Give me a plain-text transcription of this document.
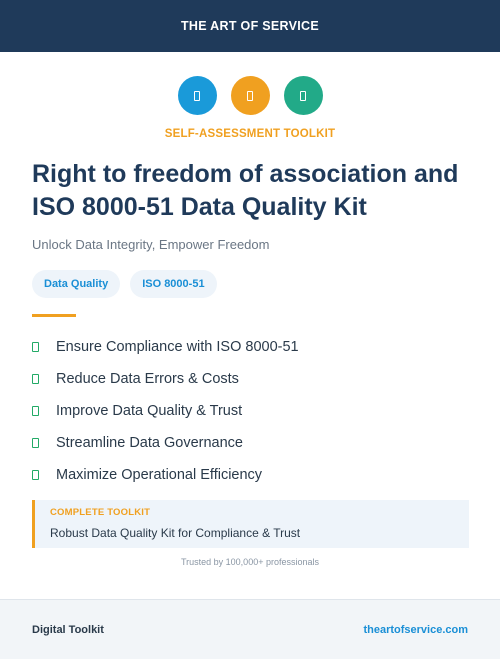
THE ART OF SERVICE
SELF-ASSESSMENT TOOLKIT
Right to freedom of association and ISO 8000-51 Data Quality Kit
Unlock Data Integrity, Empower Freedom
Data Quality	ISO 8000-51
Ensure Compliance with ISO 8000-51
Reduce Data Errors & Costs
Improve Data Quality & Trust
Streamline Data Governance
Maximize Operational Efficiency
COMPLETE TOOLKIT
Robust Data Quality Kit for Compliance & Trust
Trusted by 100,000+ professionals
Digital Toolkit	theartofservice.com
